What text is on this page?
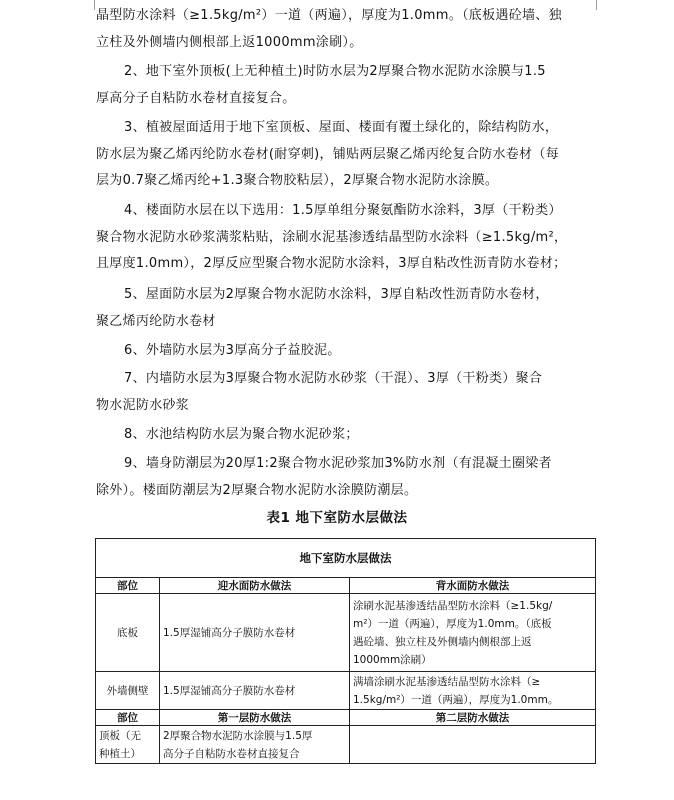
晶型防水涂料（≥1.5kg/m²）一道（两遍），厚度为1.0mm。（底板遇砼墙、独
立柱及外侧墙内侧根部上返1000mm涂刷）。
2、地下室外顶板(上无种植土)时防水层为2厚聚合物水泥防水涂膜与1.5
厚高分子自粘防水卷材直接复合。
3、植被屋面适用于地下室顶板、屋面、楼面有覆土绿化的，除结构防水，
防水层为聚乙烯丙纶防水卷材(耐穿刺)，铺贴两层聚乙烯丙纶复合防水卷材（每
层为0.7聚乙烯丙纶+1.3聚合物胶粘层），2厚聚合物水泥防水涂膜。
4、楼面防水层在以下选用：1.5厚单组分聚氨酯防水涂料，3厚（干粉类）
聚合物水泥防水砂浆满浆粘贴，涂刷水泥基渗透结晶型防水涂料（≥1.5kg/m²，
且厚度1.0mm），2厚反应型聚合物水泥防水涂料，3厚自粘改性沥青防水卷材；
5、屋面防水层为2厚聚合物水泥防水涂料，3厚自粘改性沥青防水卷材，
聚乙烯丙纶防水卷材
6、外墙防水层为3厚高分子益胶泥。
7、内墙防水层为3厚聚合物水泥防水砂浆（干混）、3厚（干粉类）聚合
物水泥防水砂浆
8、水池结构防水层为聚合物水泥砂浆；
9、墙身防潮层为20厚1:2聚合物水泥砂浆加3%防水剂（有混凝土圈梁者
除外）。楼面防潮层为2厚聚合物水泥防水涂膜防潮层。
表1 地下室防水层做法
地下室防水层做法		
部位	迎水面防水做法	背水面防水做法
底板	1.5厚湿铺高分子膜防水卷材	涂刷水泥基渗透结晶型防水涂料（≥1.5kg/
m²）一道（两遍），厚度为1.0mm。（底板
遇砼墙、独立柱及外侧墙内侧根部上返
1000mm涂刷）

外墙侧壁	1.5厚湿铺高分子膜防水卷材	满墙涂刷水泥基渗透结晶型防水涂料（≥
1.5kg/m²）一道（两遍），厚度为1.0mm。

部位	第一层防水做法	第二层防水做法

顶板（无
种植土）	2厚聚合物水泥防水涂膜与1.5厚
高分子自粘防水卷材直接复合	
